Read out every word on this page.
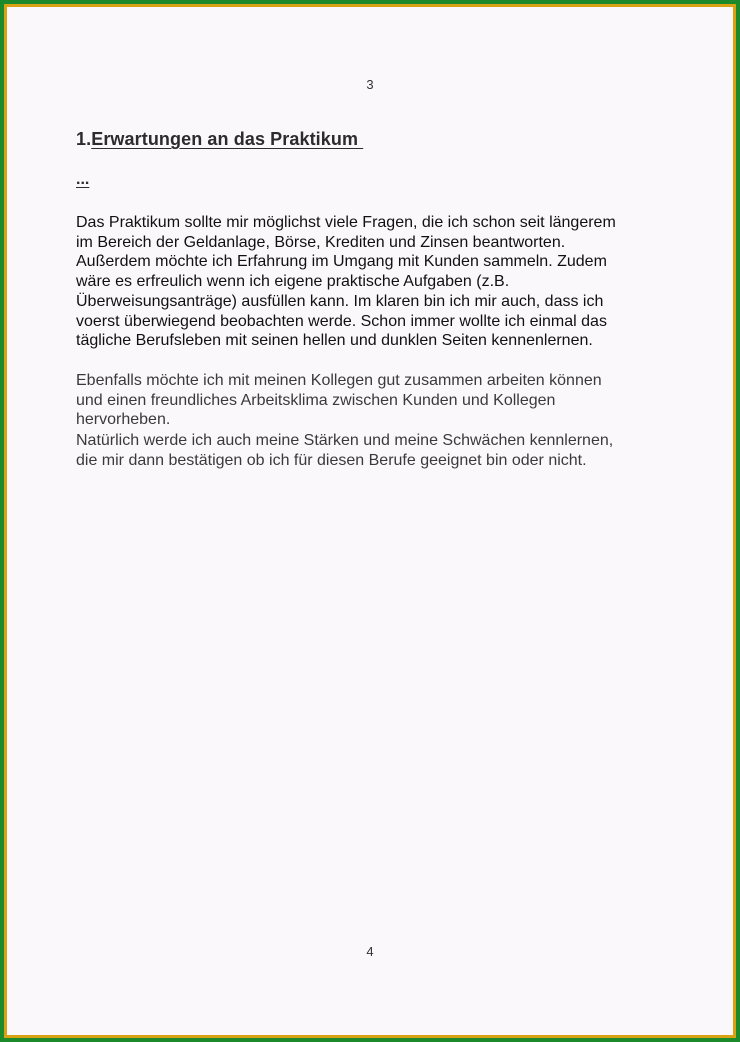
3
1.Erwartungen an das Praktikum
...

Das Praktikum sollte mir möglichst viele Fragen, die ich schon seit längerem
im Bereich der Geldanlage, Börse, Krediten und Zinsen beantworten.
Außerdem möchte ich Erfahrung im Umgang mit Kunden sammeln. Zudem
wäre es erfreulich wenn ich eigene praktische Aufgaben (z.B.
Überweisungsanträge) ausfüllen kann. Im klaren bin ich mir auch, dass ich
voerst überwiegend beobachten werde. Schon immer wollte ich einmal das
tägliche Berufsleben mit seinen hellen und dunklen Seiten kennenlernen.

Ebenfalls möchte ich mit meinen Kollegen gut zusammen arbeiten können
und einen freundliches Arbeitsklima zwischen Kunden und Kollegen
hervorheben.

Natürlich werde ich auch meine Stärken und meine Schwächen kennlernen,
die mir dann bestätigen ob ich für diesen Berufe geeignet bin oder nicht.

4
